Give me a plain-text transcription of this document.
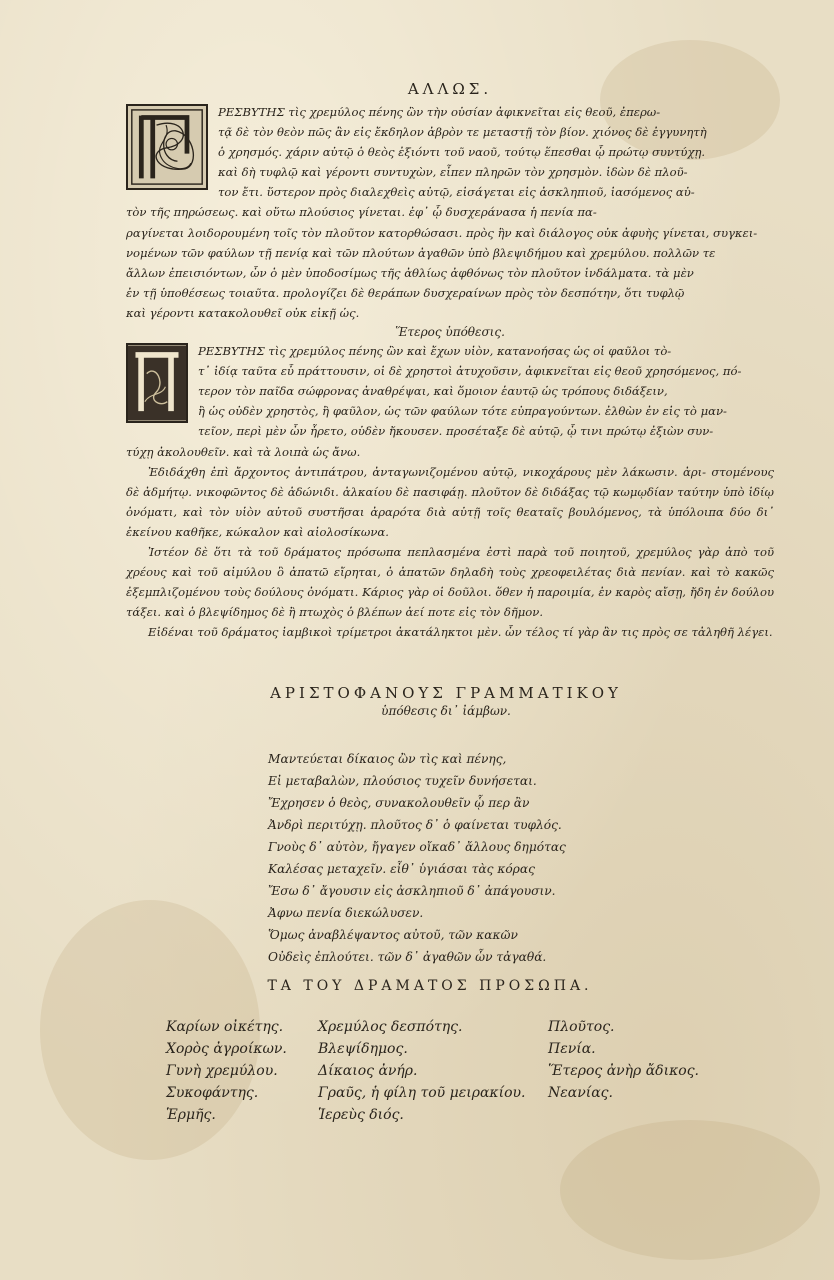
ΑΛΛΩΣ.

ΡΕΣΒΥΤΗΣ τὶς χρεμύλος πένης ὢν τὴν οὐσίαν ἀφικνεῖται εἰς θεοῦ, ἐπερω-

τᾷ δὲ τὸν θεὸν πῶς ἂν εἰς ἔκδηλον ἀβρὸν τε μεταστῇ τὸν βίον. χιόνος δὲ ἐγγυνητὴ

ὁ χρησμός. χάριν αὐτῷ ὁ θεὸς ἐξιόντι τοῦ ναοῦ, τούτῳ ἕπεσθαι ᾧ πρώτῳ συντύχῃ.

καὶ δὴ τυφλῷ καὶ γέροντι συντυχὼν, εἶπεν πληρῶν τὸν χρησμὸν. ἰδὼν δὲ πλοῦ-

τον ἔτι. ὕστερον πρὸς διαλεχθεὶς αὐτῷ, εἰσάγεται εἰς ἀσκληπιοῦ, ἰασόμενος αὐ-

τὸν τῆς πηρώσεως. καὶ οὕτω πλούσιος γίνεται. ἐφ᾽ ᾧ δυσχεράνασα ἡ πενία πα-

ραγίνεται λοιδορουμένη τοῖς τὸν πλοῦτον κατορθώσασι. πρὸς ἣν καὶ διάλογος οὐκ ἀφυὴς γίνεται, συγκει-

νομένων τῶν φαύλων τῇ πενίᾳ καὶ τῶν πλούτων ἀγαθῶν ὑπὸ βλεψιδήμου καὶ χρεμύλου. πολλῶν τε

ἄλλων ἐπεισιόντων, ὧν ὁ μὲν ὑποδοσίμως τῆς ἀθλίως ἀφθόνως τὸν πλοῦτον ἰνδάλματα. τὰ μὲν

ἐν τῇ ὑποθέσεως τοιαῦτα. προλογίζει δὲ θεράπων δυσχεραίνων πρὸς τὸν δεσπότην, ὅτι τυφλῷ

καὶ γέροντι κατακολουθεῖ οὐκ εἰκῇ ὡς.

Ἕτερος ὑπόθεσις.

ΡΕΣΒΥΤΗΣ τὶς χρεμύλος πένης ὢν καὶ ἔχων υἱὸν, κατανοήσας ὡς οἱ φαῦλοι τὸ-

τ᾽ ἰδίᾳ ταῦτα εὖ πράττουσιν, οἱ δὲ χρηστοὶ ἀτυχοῦσιν, ἀφικνεῖται εἰς θεοῦ χρησόμενος, πό-

τερον τὸν παῖδα σώφρονας ἀναθρέψαι, καὶ ὅμοιον ἑαυτῷ ὡς τρόπους διδάξειν,

ἢ ὡς οὐδὲν χρηστὸς, ἢ φαῦλον, ὡς τῶν φαύλων τότε εὐπραγούντων. ἐλθὼν ἐν εἰς τὸ μαν-

τεῖον, περὶ μὲν ὧν ἦρετο, οὐδὲν ἤκουσεν. προσέταξε δὲ αὐτῷ, ᾧ τινι πρώτῳ ἐξιὼν συν-

τύχῃ ἀκολουθεῖν. καὶ τὰ λοιπὰ ὡς ἄνω.

Ἐδιδάχθη ἐπὶ ἄρχοντος ἀντιπάτρου, ἀνταγωνιζομένου αὐτῷ, νικοχάρους μὲν λάκωσιν. ἀρι- στομένους δὲ ἀδμήτῳ. νικοφῶντος δὲ ἀδώνιδι. ἀλκαίου δὲ πασιφάῃ. πλοῦτον δὲ διδάξας τῷ κωμῳδίαν ταύτην ὑπὸ ἰδίῳ ὀνόματι, καὶ τὸν υἱὸν αὐτοῦ συστῆσαι ἀραρότα διὰ αὐτῇ τοῖς θεαταῖς βουλόμενος, τὰ ὑπόλοιπα δύο δι᾽ ἐκείνου καθῆκε, κώκαλον καὶ αἰολοσίκωνα.

Ἰστέον δὲ ὅτι τὰ τοῦ δράματος πρόσωπα πεπλασμένα ἐστὶ παρὰ τοῦ ποιητοῦ, χρεμύλος γὰρ ἀπὸ τοῦ χρέους καὶ τοῦ αἱμύλου ὃ ἀπατῶ εἴρηται, ὁ ἀπατῶν δηλαδὴ τοὺς χρεοφειλέτας διὰ πενίαν. καὶ τὸ κακῶς ἐξεμπλιζομένου τοὺς δούλους ὀνόματι. Κάριος γὰρ οἱ δοῦλοι. ὅθεν ἡ παροιμία, ἐν καρὸς αἴσῃ, ἤδη ἐν δούλου τάξει. καὶ ὁ βλεψίδημος δὲ ἢ πτωχὸς ὁ βλέπων ἀεί ποτε εἰς τὸν δῆμον.

Εἰδέναι τοῦ δράματος ἰαμβικοὶ τρίμετροι ἀκατάληκτοι μὲν. ὧν τέλος τί γὰρ ἂν τις πρὸς σε τἀληθῆ λέγει.

ΑΡΙΣΤΟΦΑΝΟΥΣ ΓΡΑΜΜΑΤΙΚΟΥ
ὑπόθεσις δι᾽ ἰάμβων.
Μαντεύεται δίκαιος ὢν τὶς καὶ πένης,
Εἰ μεταβαλὼν, πλούσιος τυχεῖν δυνήσεται.
Ἔχρησεν ὁ θεὸς, συνακολουθεῖν ᾧ περ ἂν
Ἀνδρὶ περιτύχῃ. πλοῦτος δ᾽ ὁ φαίνεται τυφλός.
Γνοὺς δ᾽ αὐτὸν, ἤγαγεν οἴκαδ᾽ ἄλλους δημότας
Καλέσας μεταχεῖν. εἶθ᾽ ὑγιάσαι τὰς κόρας
Ἔσω δ᾽ ἄγουσιν εἰς ἀσκληπιοῦ δ᾽ ἀπάγουσιν.
Ἀφνω πενία διεκώλυσεν.
Ὅμως ἀναβλέψαντος αὐτοῦ, τῶν κακῶν
Οὐδεὶς ἐπλούτει. τῶν δ᾽ ἀγαθῶν ὧν τἀγαθά.
ΤΑ ΤΟΥ ΔΡΑΜΑΤΟΣ ΠΡΟΣΩΠΑ.
Καρίων οἰκέτης.
Χορὸς ἀγροίκων.
Γυνὴ χρεμύλου.
Συκοφάντης.
Ἑρμῆς.
Χρεμύλος δεσπότης.
Βλεψίδημος.
Δίκαιος ἀνήρ.
Γραῦς, ἡ φίλη τοῦ μειρακίου.
Ἱερεὺς διός.
Πλοῦτος.
Πενία.
Ἕτερος ἀνὴρ ἄδικος.
Νεανίας.
